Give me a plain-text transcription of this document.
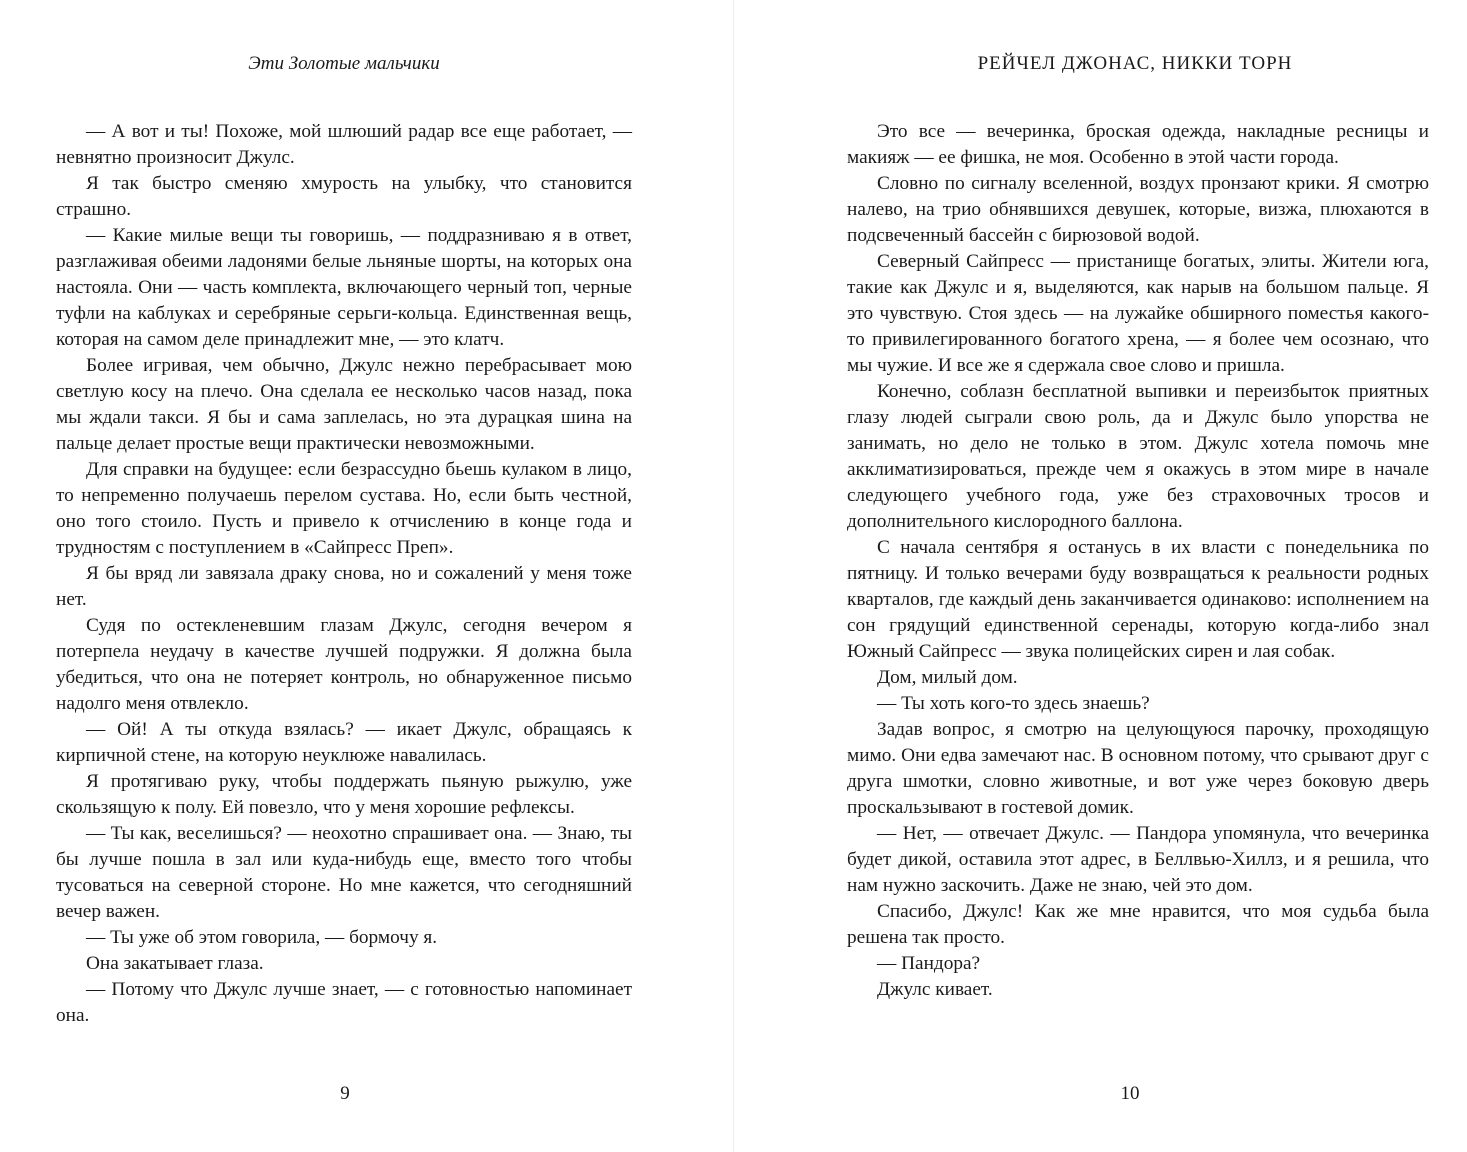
Эти Золотые мальчики

— А вот и ты! Похоже, мой шлюший радар все еще работает, — невнятно произносит Джулс.

Я так быстро сменяю хмурость на улыбку, что становится страшно.

— Какие милые вещи ты говоришь, — поддразниваю я в ответ, разглаживая обеими ладонями белые льняные шорты, на которых она настояла. Они — часть комплекта, включающего черный топ, черные туфли на каблуках и серебряные серьги-кольца. Единственная вещь, которая на самом деле принадлежит мне, — это клатч.

Более игривая, чем обычно, Джулс нежно перебрасывает мою светлую косу на плечо. Она сделала ее несколько часов назад, пока мы ждали такси. Я бы и сама заплелась, но эта дурацкая шина на пальце делает простые вещи практически невозможными.

Для справки на будущее: если безрассудно бьешь кулаком в лицо, то непременно получаешь перелом сустава. Но, если быть честной, оно того стоило. Пусть и привело к отчислению в конце года и трудностям с поступлением в «Сайпресс Преп».

Я бы вряд ли завязала драку снова, но и сожалений у меня тоже нет.

Судя по остекленевшим глазам Джулс, сегодня вечером я потерпела неудачу в качестве лучшей подружки. Я должна была убедиться, что она не потеряет контроль, но обнаруженное письмо надолго меня отвлекло.

— Ой! А ты откуда взялась? — икает Джулс, обращаясь к кирпичной стене, на которую неуклюже навалилась.

Я протягиваю руку, чтобы поддержать пьяную рыжулю, уже скользящую к полу. Ей повезло, что у меня хорошие рефлексы.

— Ты как, веселишься? — неохотно спрашивает она. — Знаю, ты бы лучше пошла в зал или куда-нибудь еще, вместо того чтобы тусоваться на северной стороне. Но мне кажется, что сегодняшний вечер важен.

— Ты уже об этом говорила, — бормочу я.

Она закатывает глаза.

— Потому что Джулс лучше знает, — с готовностью напоминает она.

9
РЕЙЧЕЛ ДЖОНАС, НИККИ ТОРН

Это все — вечеринка, броская одежда, накладные ресницы и макияж — ее фишка, не моя. Особенно в этой части города.

Словно по сигналу вселенной, воздух пронзают крики. Я смотрю налево, на трио обнявшихся девушек, которые, визжа, плюхаются в подсвеченный бассейн с бирюзовой водой.

Северный Сайпресс — пристанище богатых, элиты. Жители юга, такие как Джулс и я, выделяются, как нарыв на большом пальце. Я это чувствую. Стоя здесь — на лужайке обширного поместья какого-то привилегированного богатого хрена, — я более чем осознаю, что мы чужие. И все же я сдержала свое слово и пришла.

Конечно, соблазн бесплатной выпивки и переизбыток приятных глазу людей сыграли свою роль, да и Джулс было упорства не занимать, но дело не только в этом. Джулс хотела помочь мне акклиматизироваться, прежде чем я окажусь в этом мире в начале следующего учебного года, уже без страховочных тросов и дополнительного кислородного баллона.

С начала сентября я останусь в их власти с понедельника по пятницу. И только вечерами буду возвращаться к реальности родных кварталов, где каждый день заканчивается одинаково: исполнением на сон грядущий единственной серенады, которую когда-либо знал Южный Сайпресс — звука полицейских сирен и лая собак.

Дом, милый дом.

— Ты хоть кого-то здесь знаешь?

Задав вопрос, я смотрю на целующуюся парочку, проходящую мимо. Они едва замечают нас. В основном потому, что срывают друг с друга шмотки, словно животные, и вот уже через боковую дверь проскальзывают в гостевой домик.

— Нет, — отвечает Джулс. — Пандора упомянула, что вечеринка будет дикой, оставила этот адрес, в Беллвью-Хиллз, и я решила, что нам нужно заскочить. Даже не знаю, чей это дом.

Спасибо, Джулс! Как же мне нравится, что моя судьба была решена так просто.

— Пандора?

Джулс кивает.

10
